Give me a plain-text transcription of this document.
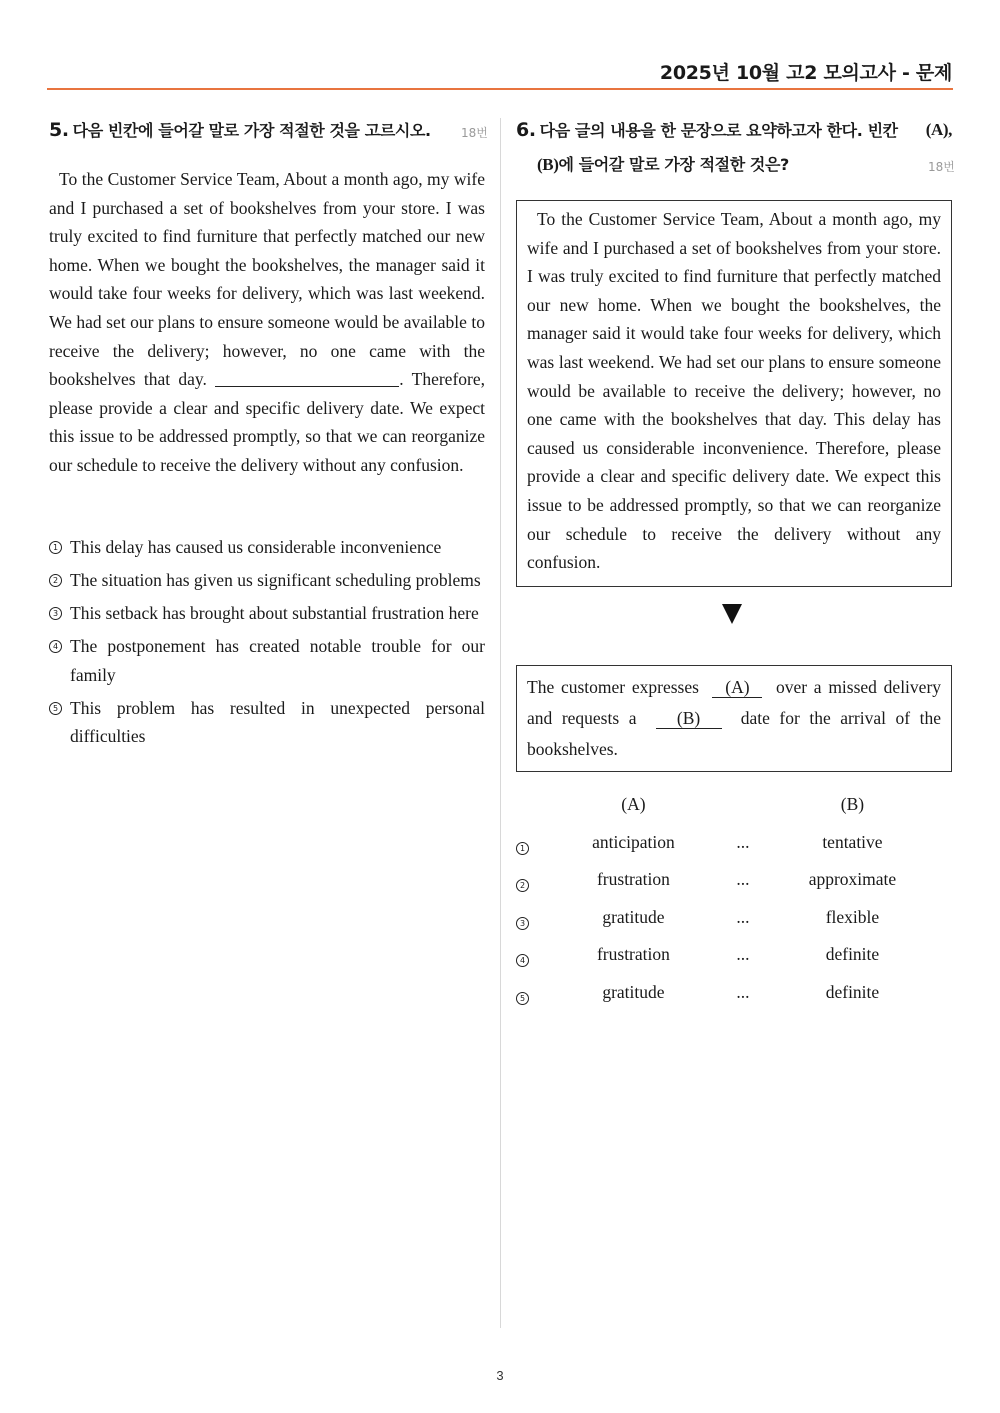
2025년 10월 고2 모의고사 - 문제
5. 다음 빈칸에 들어갈 말로 가장 적절한 것을 고르시오.	18번

To the Customer Service Team, About a month ago, my wife and I purchased a set of bookshelves from your store. I was truly excited to find furniture that perfectly matched our new home. When we bought the bookshelves, the manager said it would take four weeks for delivery, which was last weekend. We had set our plans to ensure someone would be available to receive the delivery; however, no one came with the bookshelves that day.	. Therefore, please provide a clear and specific delivery date. We expect this issue to be addressed promptly, so that we can reorganize our schedule to receive the delivery without any confusion.

1 This delay has caused us considerable inconvenience
2 The situation has given us significant scheduling problems
3 This setback has brought about substantial frustration here
4 The postponement has created notable trouble for our family
5 This problem has resulted in unexpected personal difficulties
6. 다음 글의 내용을 한 문장으로 요약하고자 한다. 빈칸 (A),
(B)에 들어갈 말로 가장 적절한 것은?	18번

To the Customer Service Team, About a month ago, my wife and I purchased a set of bookshelves from your store. I was truly excited to find furniture that perfectly matched our new home. When we bought the bookshelves, the manager said it would take four weeks for delivery, which was last weekend. We had set our plans to ensure someone would be available to receive the delivery; however, no one came with the bookshelves that day. This delay has caused us considerable inconvenience. Therefore, please provide a clear and specific delivery date. We expect this issue to be addressed promptly, so that we can reorganize our schedule to receive the delivery without any confusion.

The customer expresses (A) over a missed delivery and requests a (B) date for the arrival of the bookshelves.
	(A)		(B)
1	anticipation	...	tentative
2	frustration	...	approximate
3	gratitude	...	flexible
4	frustration	...	definite
5	gratitude	...	definite
3
